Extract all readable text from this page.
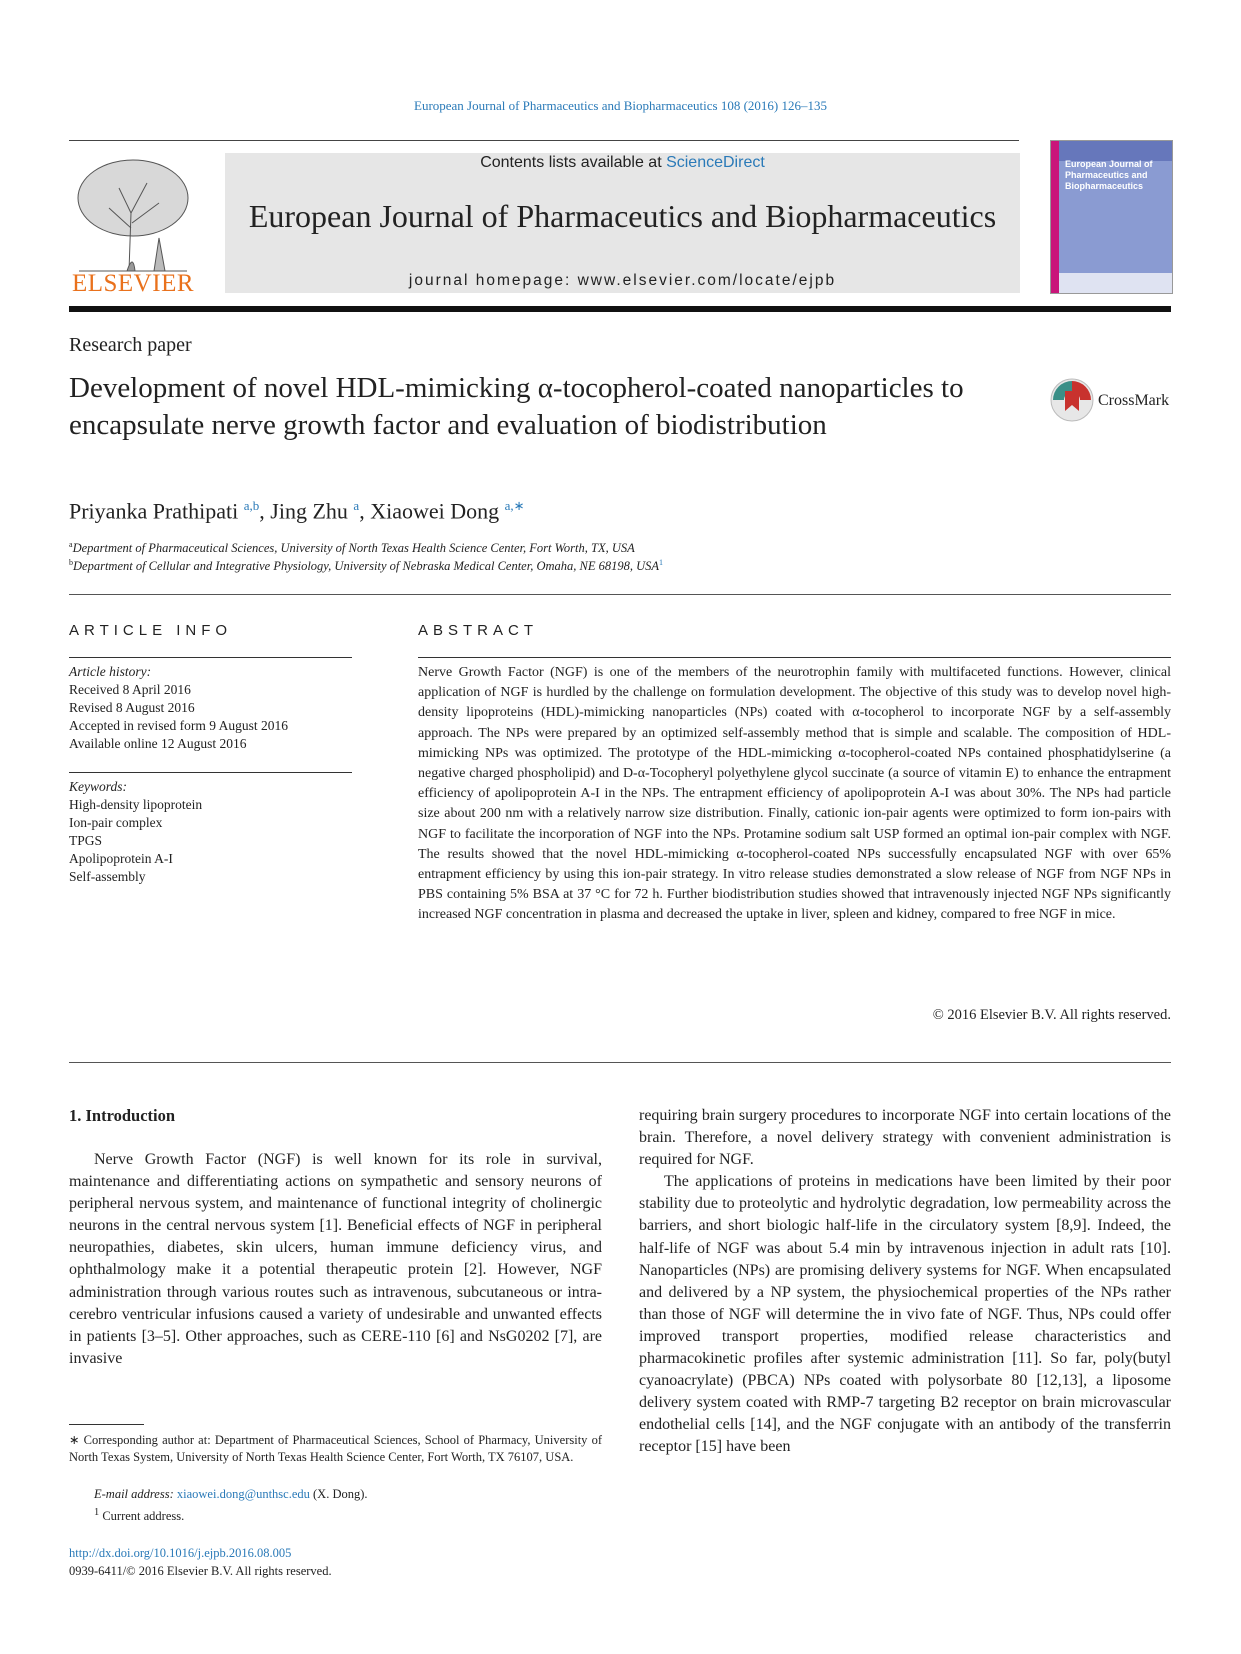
European Journal of Pharmaceutics and Biopharmaceutics 108 (2016) 126–135
ELSEVIER
Contents lists available at ScienceDirect
European Journal of Pharmaceutics and Biopharmaceutics
journal homepage: www.elsevier.com/locate/ejpb
European Journal of Pharmaceutics and Biopharmaceutics
Research paper
Development of novel HDL-mimicking α-tocopherol-coated nanoparticles to encapsulate nerve growth factor and evaluation of biodistribution
CrossMark
Priyanka Prathipati $^{a,b}$, Jing Zhu $^a$, Xiaowei Dong $^{a,∗}$
$^a$Department of Pharmaceutical Sciences, University of North Texas Health Science Center, Fort Worth, TX, USA
$^b$Department of Cellular and Integrative Physiology, University of Nebraska Medical Center, Omaha, NE 68198, USA$^1$
ARTICLE INFO
Article history:
Received 8 April 2016
Revised 8 August 2016
Accepted in revised form 9 August 2016
Available online 12 August 2016
Keywords:
High-density lipoprotein
Ion-pair complex
TPGS
Apolipoprotein A-I
Self-assembly
ABSTRACT
Nerve Growth Factor (NGF) is one of the members of the neurotrophin family with multifaceted functions. However, clinical application of NGF is hurdled by the challenge on formulation development. The objective of this study was to develop novel high-density lipoproteins (HDL)-mimicking nanoparticles (NPs) coated with α-tocopherol to incorporate NGF by a self-assembly approach. The NPs were prepared by an optimized self-assembly method that is simple and scalable. The composition of HDL-mimicking NPs was optimized. The prototype of the HDL-mimicking α-tocopherol-coated NPs contained phosphatidylserine (a negative charged phospholipid) and D-α-Tocopheryl polyethylene glycol succinate (a source of vitamin E) to enhance the entrapment efficiency of apolipoprotein A-I in the NPs. The entrapment efficiency of apolipoprotein A-I was about 30%. The NPs had particle size about 200 nm with a relatively narrow size distribution. Finally, cationic ion-pair agents were optimized to form ion-pairs with NGF to facilitate the incorporation of NGF into the NPs. Protamine sodium salt USP formed an optimal ion-pair complex with NGF. The results showed that the novel HDL-mimicking α-tocopherol-coated NPs successfully encapsulated NGF with over 65% entrapment efficiency by using this ion-pair strategy. In vitro release studies demonstrated a slow release of NGF from NGF NPs in PBS containing 5% BSA at 37 °C for 72 h. Further biodistribution studies showed that intravenously injected NGF NPs significantly increased NGF concentration in plasma and decreased the uptake in liver, spleen and kidney, compared to free NGF in mice.
© 2016 Elsevier B.V. All rights reserved.
1. Introduction

Nerve Growth Factor (NGF) is well known for its role in survival, maintenance and differentiating actions on sympathetic and sensory neurons of peripheral nervous system, and maintenance of functional integrity of cholinergic neurons in the central nervous system [1]. Beneficial effects of NGF in peripheral neuropathies, diabetes, skin ulcers, human immune deficiency virus, and ophthalmology make it a potential therapeutic protein [2]. However, NGF administration through various routes such as intravenous, subcutaneous or intra-cerebro ventricular infusions caused a variety of undesirable and unwanted effects in patients [3–5]. Other approaches, such as CERE-110 [6] and NsG0202 [7], are invasive

requiring brain surgery procedures to incorporate NGF into certain locations of the brain. Therefore, a novel delivery strategy with convenient administration is required for NGF.

The applications of proteins in medications have been limited by their poor stability due to proteolytic and hydrolytic degradation, low permeability across the barriers, and short biologic half-life in the circulatory system [8,9]. Indeed, the half-life of NGF was about 5.4 min by intravenous injection in adult rats [10]. Nanoparticles (NPs) are promising delivery systems for NGF. When encapsulated and delivered by a NP system, the physiochemical properties of the NPs rather than those of NGF will determine the in vivo fate of NGF. Thus, NPs could offer improved transport properties, modified release characteristics and pharmacokinetic profiles after systemic administration [11]. So far, poly(butyl cyanoacrylate) (PBCA) NPs coated with polysorbate 80 [12,13], a liposome delivery system coated with RMP-7 targeting B2 receptor on brain microvascular endothelial cells [14], and the NGF conjugate with an antibody of the transferrin receptor [15] have been

∗ Corresponding author at: Department of Pharmaceutical Sciences, School of Pharmacy, University of North Texas System, University of North Texas Health Science Center, Fort Worth, TX 76107, USA.
E-mail address: xiaowei.dong@unthsc.edu (X. Dong).
$^1$ Current address.
http://dx.doi.org/10.1016/j.ejpb.2016.08.005
0939-6411/© 2016 Elsevier B.V. All rights reserved.
